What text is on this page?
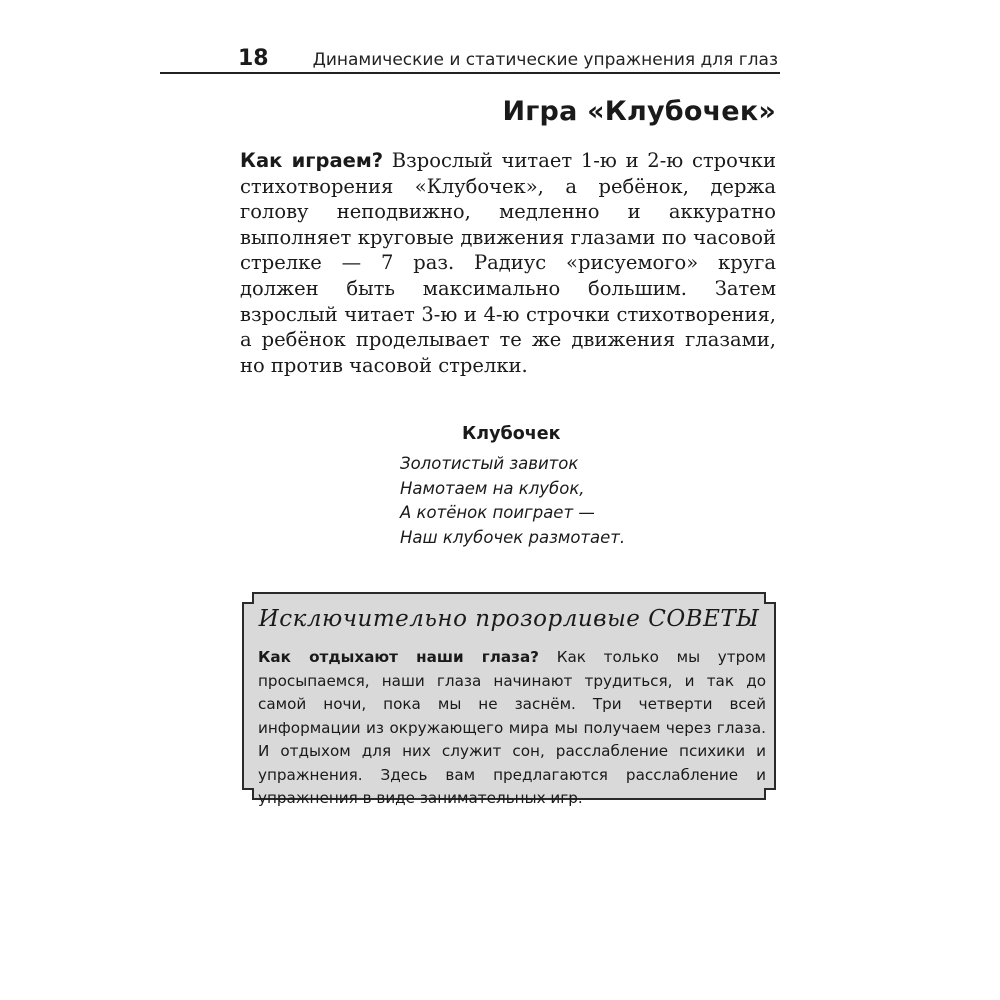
18	Динамические и статические упражнения для глаз
Игра «Клубочек»
Как играем? Взрослый читает 1-ю и 2-ю строчки стихотворения «Клубочек», а ребёнок, держа голову неподвижно, медленно и аккуратно выполняет круговые движения глазами по часовой стрелке — 7 раз. Радиус «рисуемого» круга должен быть максимально большим. Затем взрослый читает 3-ю и 4-ю строчки стихотворения, а ребёнок проделывает те же движения глазами, но против часовой стрелки.
Клубочек
Золотистый завиток
Намотаем на клубок,
А котёнок поиграет —
Наш клубочек размотает.
Исключительно прозорливые СОВЕТЫ
Как отдыхают наши глаза? Как только мы утром просыпаемся, наши глаза начинают трудиться, и так до самой ночи, пока мы не заснём. Три четверти всей информации из окружающего мира мы получаем через глаза. И отдыхом для них служит сон, расслабление психики и упражнения. Здесь вам предлагаются расслабление и упражнения в виде занимательных игр.
